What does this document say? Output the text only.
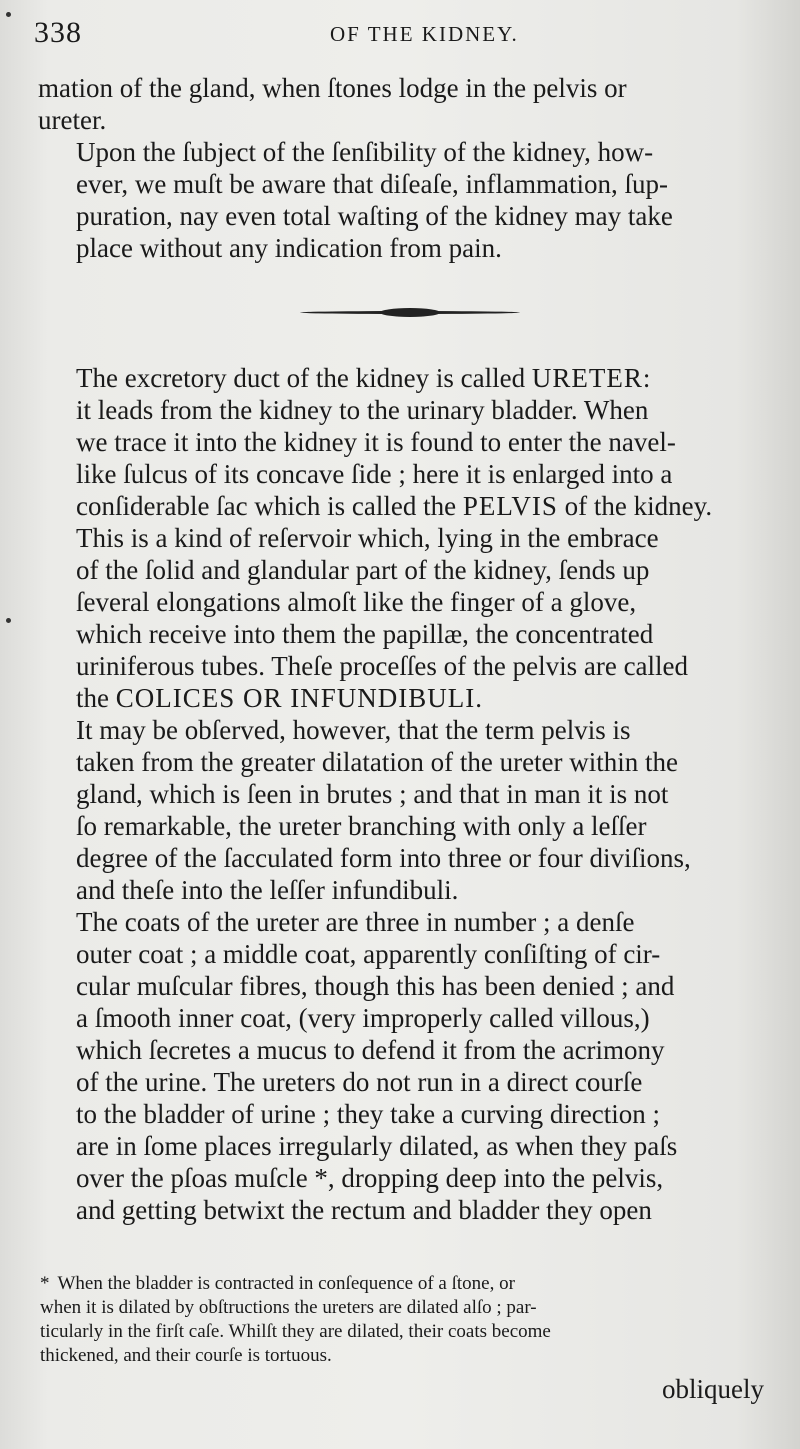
338	OF THE KIDNEY.

mation of the gland, when ſtones lodge in the pelvis or
ureter.

Upon the ſubject of the ſenſibility of the kidney, how-
ever, we muſt be aware that diſeaſe, inflammation, ſup-
puration, nay even total waſting of the kidney may take
place without any indication from pain.

The excretory duct of the kidney is called URETER:
it leads from the kidney to the urinary bladder. When
we trace it into the kidney it is found to enter the navel-
like ſulcus of its concave ſide ; here it is enlarged into a
conſiderable ſac which is called the PELVIS of the kidney.
This is a kind of reſervoir which, lying in the embrace
of the ſolid and glandular part of the kidney, ſends up
ſeveral elongations almoſt like the finger of a glove,
which receive into them the papillæ, the concentrated
uriniferous tubes. Theſe proceſſes of the pelvis are called
the COLICES OR INFUNDIBULI.

It may be obſerved, however, that the term pelvis is
taken from the greater dilatation of the ureter within the
gland, which is ſeen in brutes ; and that in man it is not
ſo remarkable, the ureter branching with only a leſſer
degree of the ſacculated form into three or four diviſions,
and theſe into the leſſer infundibuli.

The coats of the ureter are three in number ; a denſe
outer coat ; a middle coat, apparently conſiſting of cir-
cular muſcular fibres, though this has been denied ; and
a ſmooth inner coat, (very improperly called villous,)
which ſecretes a mucus to defend it from the acrimony
of the urine. The ureters do not run in a direct courſe
to the bladder of urine ; they take a curving direction ;
are in ſome places irregularly dilated, as when they paſs
over the pſoas muſcle *, dropping deep into the pelvis,
and getting betwixt the rectum and bladder they open

* When the bladder is contracted in conſequence of a ſtone, or
when it is dilated by obſtructions the ureters are dilated alſo ; par-
ticularly in the firſt caſe. Whilſt they are dilated, their coats become
thickened, and their courſe is tortuous.
obliquely
